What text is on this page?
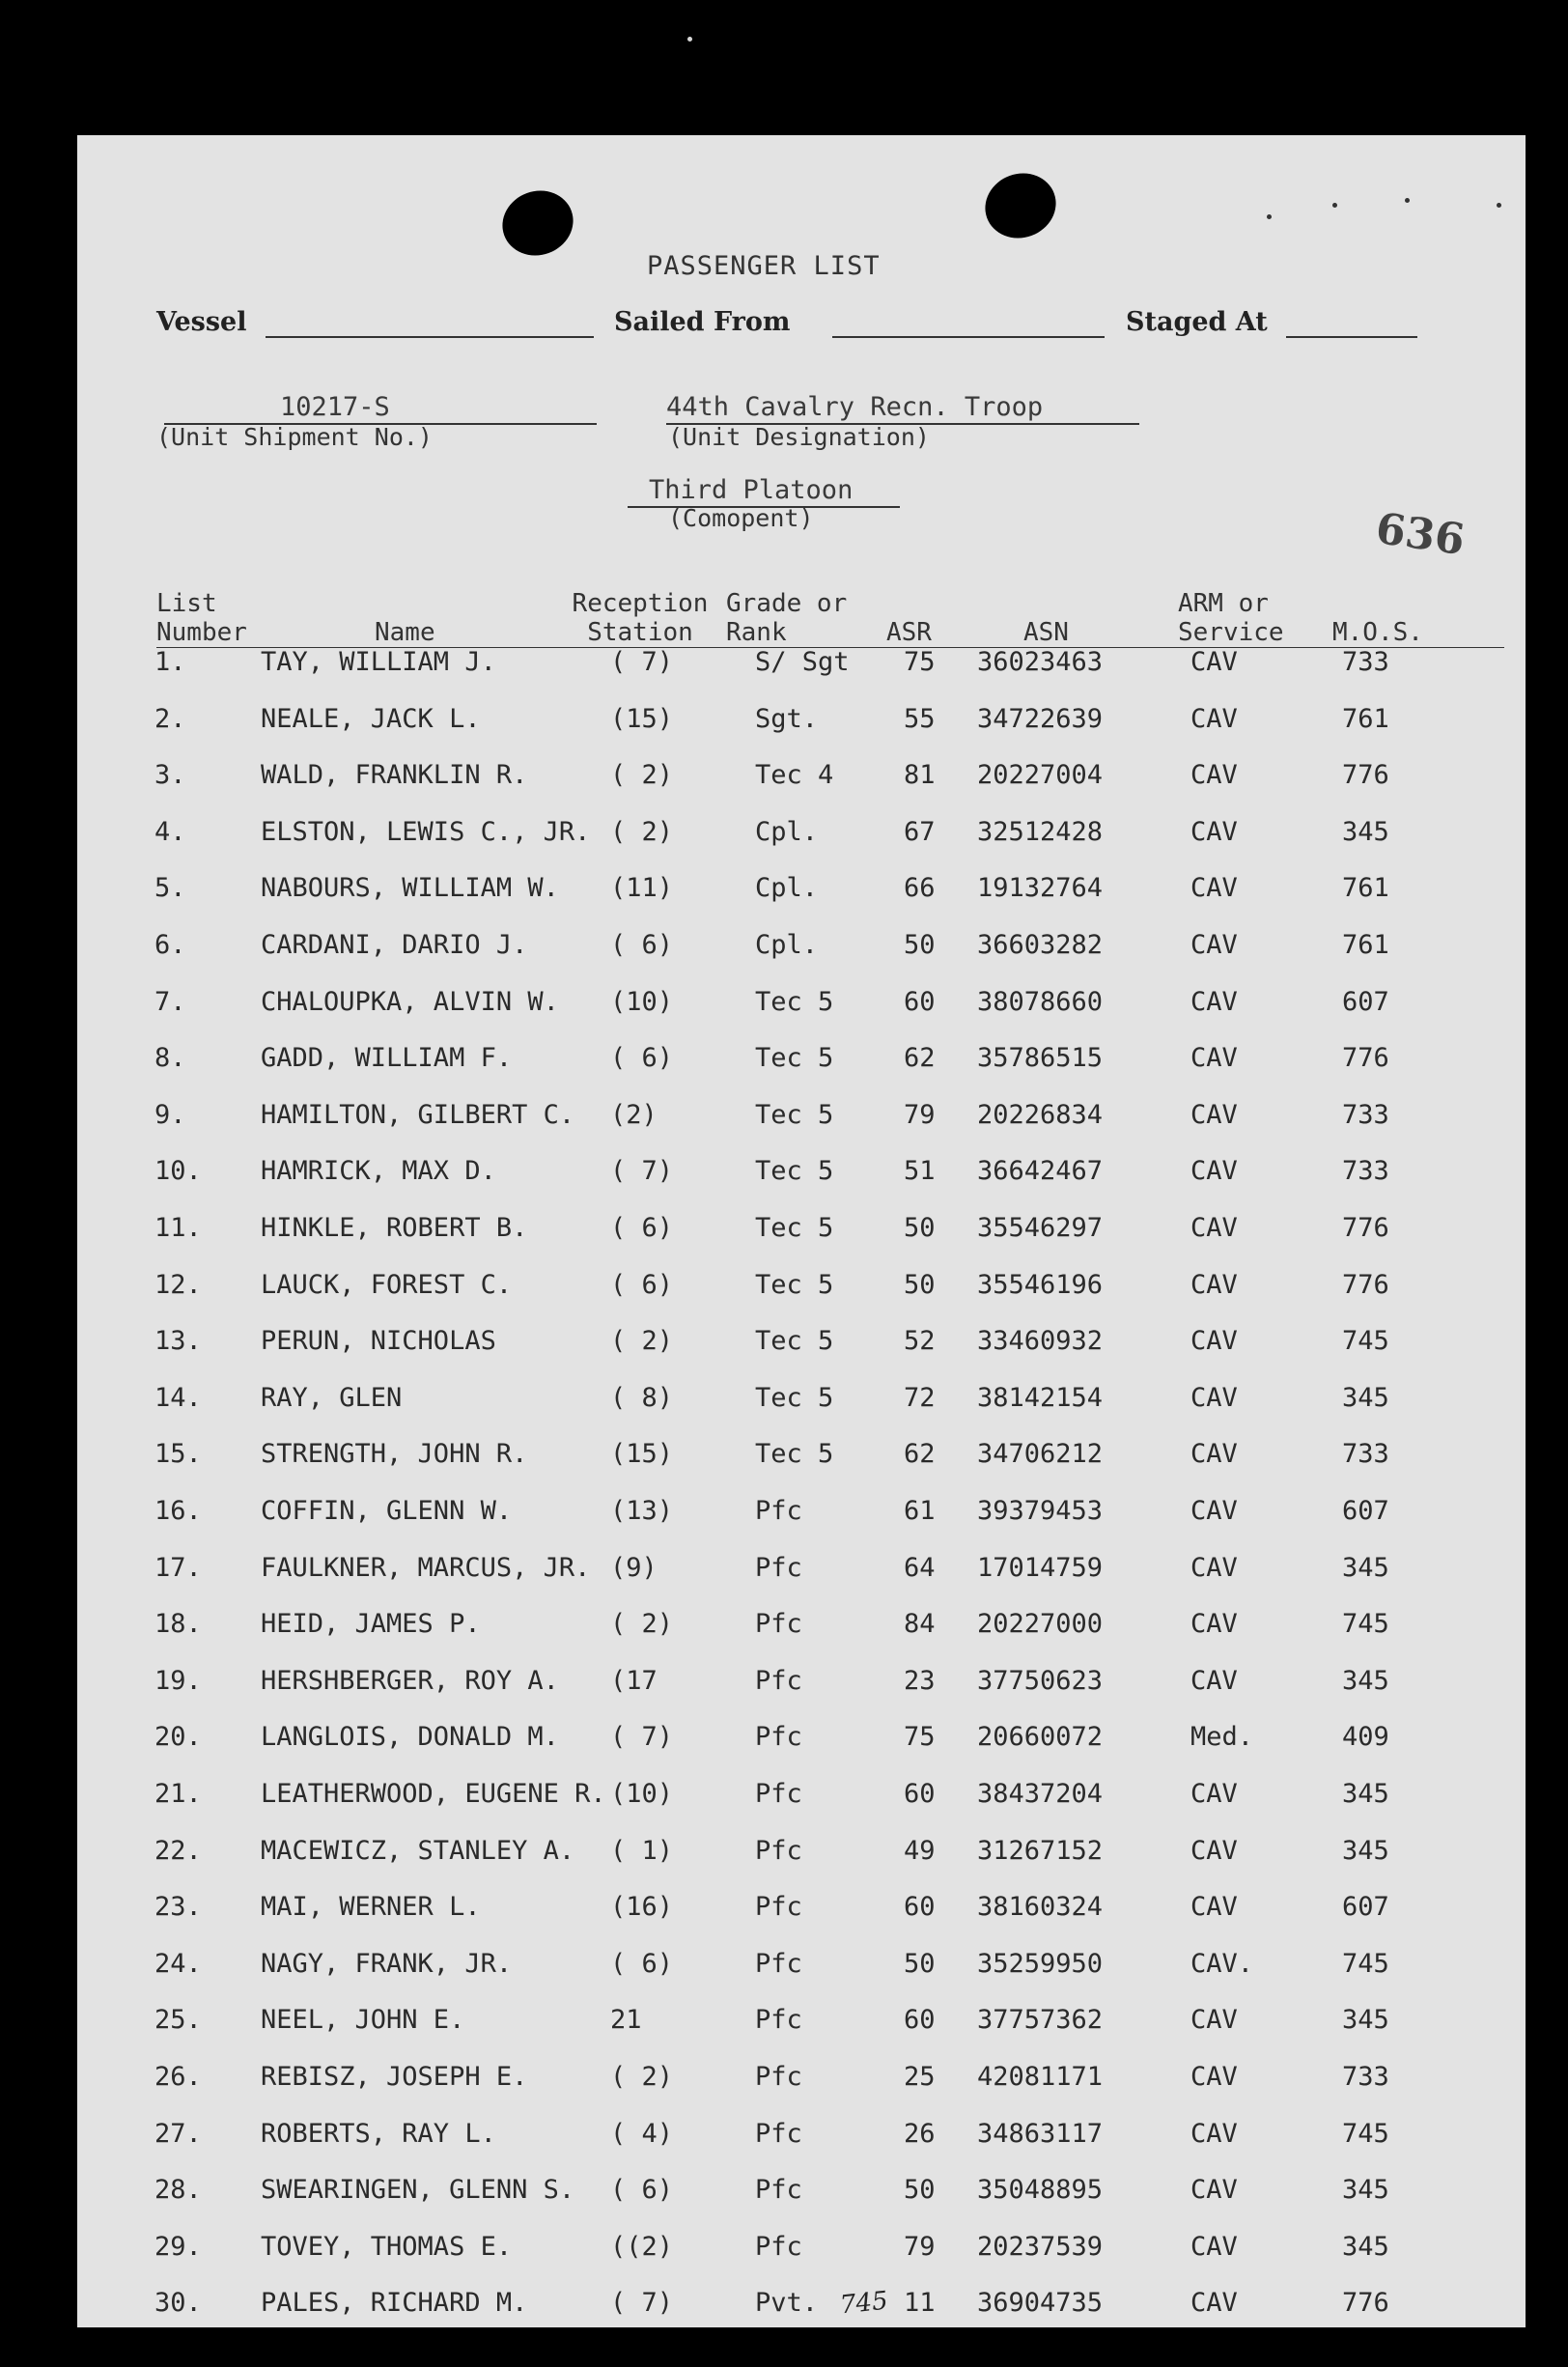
PASSENGER LIST
Vessel	Sailed From	Staged At
10217-S
(Unit Shipment No.)
44th Cavalry Recn. Troop
(Unit Designation)
Third Platoon
(Comopent)	636
List Number	Name
Reception Station
Grade or Rank	ASR	ASN
ARM or Service	M.O.S.
1.	TAY, WILLIAM J.	( 7)	S/ Sgt 75 36023463	CAV	733
2.	NEALE, JACK L.	(15)	Sgt.	55 34722639	CAV	761
3.	WALD, FRANKLIN R.	( 2)	Tec 4	81 20227004	CAV	776
4.	ELSTON, LEWIS C., JR. ( 2)	Cpl.	67 32512428	CAV	345
5.	NABOURS, WILLIAM W. (11)	Cpl.	66 19132764	CAV	761
6.	CARDANI, DARIO J.	( 6)	Cpl.	50 36603282	CAV	761
7.	CHALOUPKA, ALVIN W. (10)	Tec 5	60 38078660	CAV	607
8.	GADD, WILLIAM F.	( 6)	Tec 5	62 35786515	CAV	776
9.	HAMILTON, GILBERT C. (2)	Tec 5	79 20226834	CAV	733
10. HAMRICK, MAX D.	( 7)	Tec 5	51 36642467	CAV	733
11. HINKLE, ROBERT B.	( 6)	Tec 5	50 35546297	CAV	776
12. LAUCK, FOREST C.	( 6)	Tec 5	50 35546196	CAV	776
13. PERUN, NICHOLAS	( 2)	Tec 5	52 33460932	CAV	745
14. RAY, GLEN	( 8)	Tec 5	72 38142154	CAV	345
15. STRENGTH, JOHN R.	(15)	Tec 5	62 34706212	CAV	733
16. COFFIN, GLENN W.	(13)	Pfc	61 39379453	CAV	607
17. FAULKNER, MARCUS, JR. (9)	Pfc	64 17014759	CAV	345
18. HEID, JAMES P.	( 2)	Pfc	84 20227000	CAV	745
19. HERSHBERGER, ROY A. (17	Pfc	23 37750623	CAV	345
20. LANGLOIS, DONALD M. ( 7)	Pfc	75 20660072	Med.	409
21. LEATHERWOOD, EUGENE R. (10)	Pfc	60 38437204	CAV	345
22. MACEWICZ, STANLEY A. ( 1)	Pfc	49 31267152	CAV	345
23. MAI, WERNER L.	(16)	Pfc	60 38160324	CAV	607
24. NAGY, FRANK, JR.	( 6)	Pfc	50 35259950	CAV.	745
25. NEEL, JOHN E.	21	Pfc	60 37757362	CAV	345
26. REBISZ, JOSEPH E.	( 2)	Pfc	25 42081171	CAV	733
27. ROBERTS, RAY L.	( 4)	Pfc	26 34863117	CAV	745
28. SWEARINGEN, GLENN S. ( 6)	Pfc	50 35048895	CAV	345
29. TOVEY, THOMAS E.	((2)	Pfc	79 20237539	CAV	345
30. PALES, RICHARD M.	( 7)	Pvt.	11 36904735	CAV	776
745
